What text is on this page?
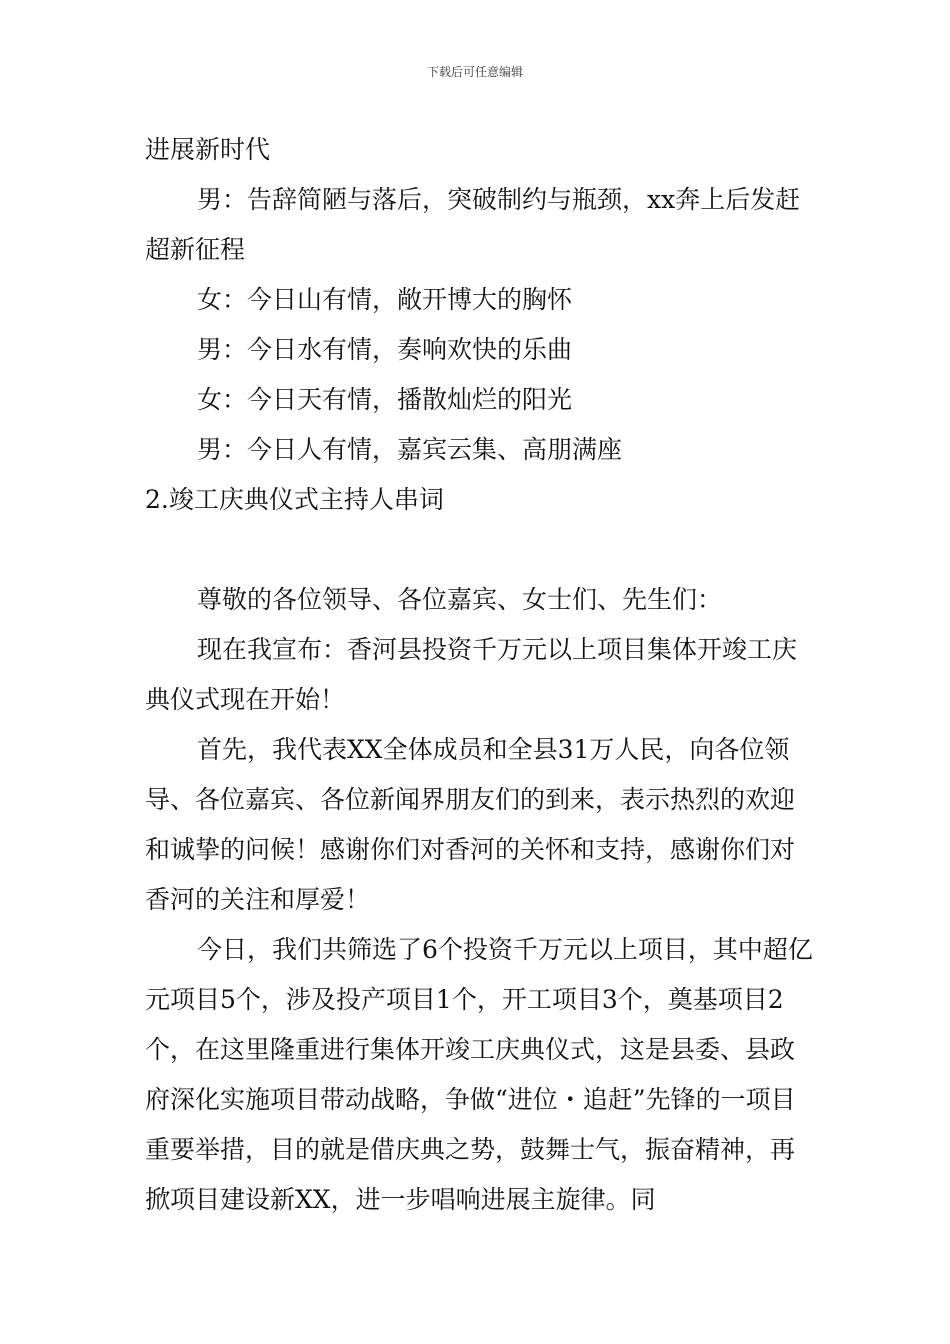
下载后可任意编辑

进展新时代

男：告辞简陋与落后，突破制约与瓶颈，xx奔上后发赶超新征程

女：今日山有情，敞开博大的胸怀

男：今日水有情，奏响欢快的乐曲

女：今日天有情，播散灿烂的阳光

男：今日人有情，嘉宾云集、高朋满座

2.竣工庆典仪式主持人串词

尊敬的各位领导、各位嘉宾、女士们、先生们：

现在我宣布：香河县投资千万元以上项目集体开竣工庆典仪式现在开始！

首先，我代表XX全体成员和全县31万人民，向各位领导、各位嘉宾、各位新闻界朋友们的到来，表示热烈的欢迎和诚挚的问候！感谢你们对香河的关怀和支持，感谢你们对香河的关注和厚爱！

今日，我们共筛选了6个投资千万元以上项目，其中超亿元项目5个，涉及投产项目1个，开工项目3个，奠基项目2个，在这里隆重进行集体开竣工庆典仪式，这是县委、县政府深化实施项目带动战略，争做“进位・追赶”先锋的一项目重要举措，目的就是借庆典之势，鼓舞士气，振奋精神，再掀项目建设新XX，进一步唱响进展主旋律。同
